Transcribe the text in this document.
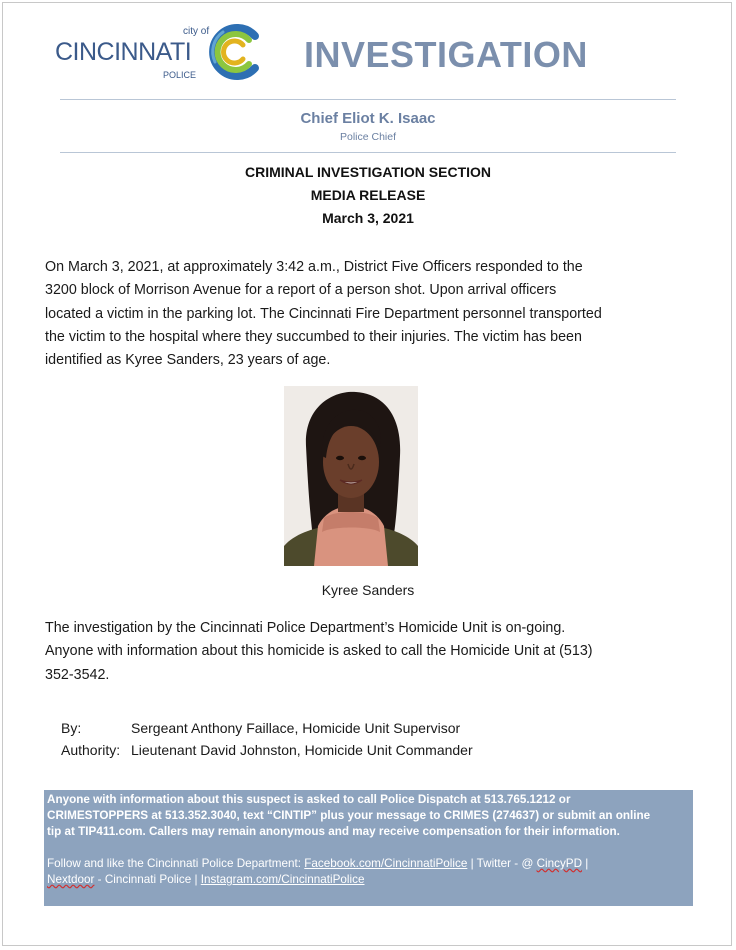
city of
CINCINNATI
POLICE	INVESTIGATION
Chief Eliot K. Isaac
Police Chief
CRIMINAL INVESTIGATION SECTION
MEDIA RELEASE
March 3, 2021
On March 3, 2021, at approximately 3:42 a.m., District Five Officers responded to the
3200 block of Morrison Avenue for a report of a person shot. Upon arrival officers
located a victim in the parking lot. The Cincinnati Fire Department personnel transported
the victim to the hospital where they succumbed to their injuries. The victim has been
identified as Kyree Sanders, 23 years of age.
Kyree Sanders
The investigation by the Cincinnati Police Department’s Homicide Unit is on-going.
Anyone with information about this homicide is asked to call the Homicide Unit at (513)
352-3542.
By:	Sergeant Anthony Faillace, Homicide Unit Supervisor
Authority: Lieutenant David Johnston, Homicide Unit Commander
Anyone with information about this suspect is asked to call Police Dispatch at 513.765.1212 or
CRIMESTOPPERS at 513.352.3040, text “CINTIP” plus your message to CRIMES (274637) or submit an online
tip at TIP411.com. Callers may remain anonymous and may receive compensation for their information.
Follow and like the Cincinnati Police Department: Facebook.com/CincinnatiPolice | Twitter - @ CincyPD |
Nextdoor - Cincinnati Police | Instagram.com/CincinnatiPolice
